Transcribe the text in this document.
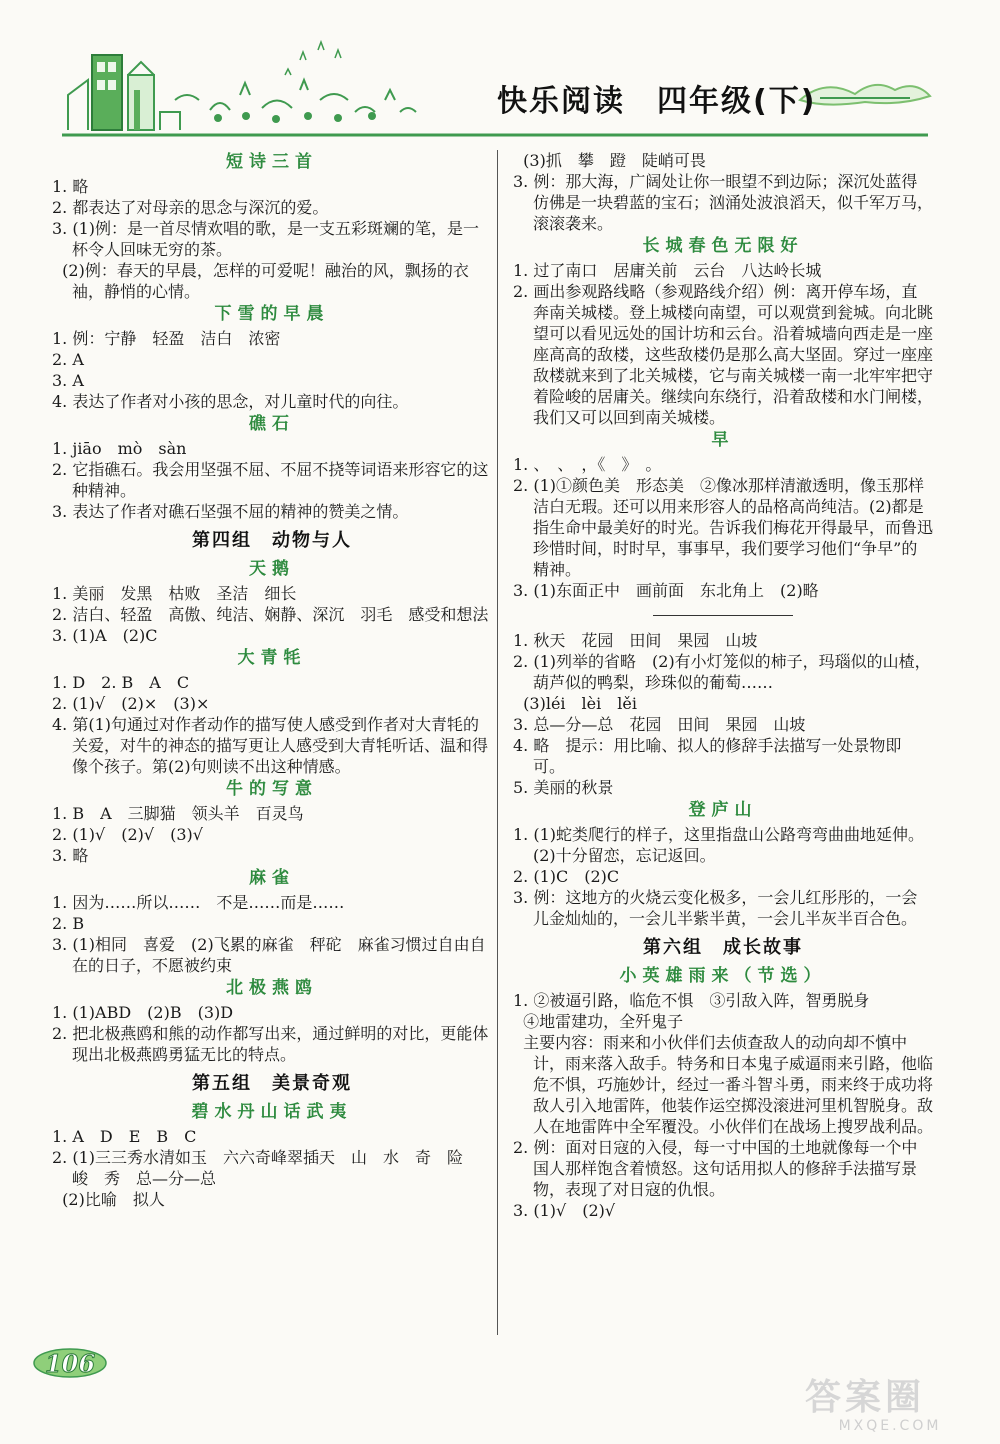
快乐阅读　四年级(下)
短诗三首
1. 略
2. 都表达了对母亲的思念与深沉的爱。
3. (1)例：是一首尽情欢唱的歌，是一支五彩斑斓的笔，是一杯令人回味无穷的茶。
(2)例：春天的早晨，怎样的可爱呢！融治的风，飘扬的衣袖，静悄的心情。
下雪的早晨
1. 例：宁静　轻盈　洁白　浓密
2. A
3. A
4. 表达了作者对小孩的思念，对儿童时代的向往。
礁石
1. jiāo　mò　sàn
2. 它指礁石。我会用坚强不屈、不屈不挠等词语来形容它的这种精神。
3. 表达了作者对礁石坚强不屈的精神的赞美之情。
第四组　动物与人
天鹅
1. 美丽　发黑　枯败　圣洁　细长
2. 洁白、轻盈　高傲、纯洁、娴静、深沉　羽毛　感受和想法
3. (1)A　(2)C
大青牦
1. D　2. B　A　C
2. (1)√　(2)×　(3)×
4. 第(1)句通过对作者动作的描写使人感受到作者对大青牦的关爱，对牛的神态的描写更让人感受到大青牦听话、温和得像个孩子。第(2)句则读不出这种情感。
牛的写意
1. B　A　三脚猫　领头羊　百灵鸟
2. (1)√　(2)√　(3)√
3. 略
麻雀
1. 因为……所以……　不是……而是……
2. B
3. (1)相同　喜爱　(2)飞累的麻雀　秤砣　麻雀习惯过自由自在的日子，不愿被约束
北极燕鸥
1. (1)ABD　(2)B　(3)D
2. 把北极燕鸥和熊的动作都写出来，通过鲜明的对比，更能体现出北极燕鸥勇猛无比的特点。
第五组　美景奇观
碧水丹山话武夷
1. A　D　E　B　C
2. (1)三三秀水清如玉　六六奇峰翠插天　山　水　奇　险　峻　秀　总—分—总
(2)比喻　拟人
(3)抓　攀　蹬　陡峭可畏
3. 例：那大海，广阔处让你一眼望不到边际；深沉处蓝得仿佛是一块碧蓝的宝石；汹涌处波浪滔天，似千军万马，滚滚袭来。
长城春色无限好
1. 过了南口　居庸关前　云台　八达岭长城
2. 画出参观路线略（参观路线介绍）例：离开停车场，直奔南关城楼。登上城楼向南望，可以观赏到瓮城。向北眺望可以看见远处的国计坊和云台。沿着城墙向西走是一座座高高的敌楼，这些敌楼仍是那么高大坚固。穿过一座座敌楼就来到了北关城楼，它与南关城楼一南一北牢牢把守着险峻的居庸关。继续向东绕行，沿着敌楼和水门闸楼，我们又可以回到南关城楼。
早
1. 、　、　，《　》　。
2. (1)①颜色美　形态美　②像冰那样清澈透明，像玉那样洁白无瑕。还可以用来形容人的品格高尚纯洁。(2)都是指生命中最美好的时光。告诉我们梅花开得最早，而鲁迅珍惜时间，时时早，事事早，我们要学习他们“争早”的精神。
3. (1)东面正中　画前面　东北角上　(2)略
1. 秋天　花园　田间　果园　山坡
2. (1)列举的省略　(2)有小灯笼似的柿子，玛瑙似的山楂，葫芦似的鸭梨，珍珠似的葡萄……
(3)léi　lèi　lěi
3. 总—分—总　花园　田间　果园　山坡
4. 略　提示：用比喻、拟人的修辞手法描写一处景物即可。
5. 美丽的秋景
登庐山
1. (1)蛇类爬行的样子，这里指盘山公路弯弯曲曲地延伸。(2)十分留恋，忘记返回。
2. (1)C　(2)C
3. 例：这地方的火烧云变化极多，一会儿红彤彤的，一会儿金灿灿的，一会儿半紫半黄，一会儿半灰半百合色。
第六组　成长故事
小英雄雨来（节选）
1. ②被逼引路，临危不惧　③引敌入阵，智勇脱身
④地雷建功，全歼鬼子
主要内容：雨来和小伙伴们去侦查敌人的动向却不慎中计，雨来落入敌手。特务和日本鬼子威逼雨来引路，他临危不惧，巧施妙计，经过一番斗智斗勇，雨来终于成功将敌人引入地雷阵，他装作运空掷没滚进河里机智脱身。敌人在地雷阵中全军覆没。小伙伴们在战场上搜罗战利品。
2. 例：面对日寇的入侵，每一寸中国的土地就像每一个中国人那样饱含着愤怒。这句话用拟人的修辞手法描写景物，表现了对日寇的仇恨。
3. (1)√　(2)√
106
答案圈
MXQE.COM
